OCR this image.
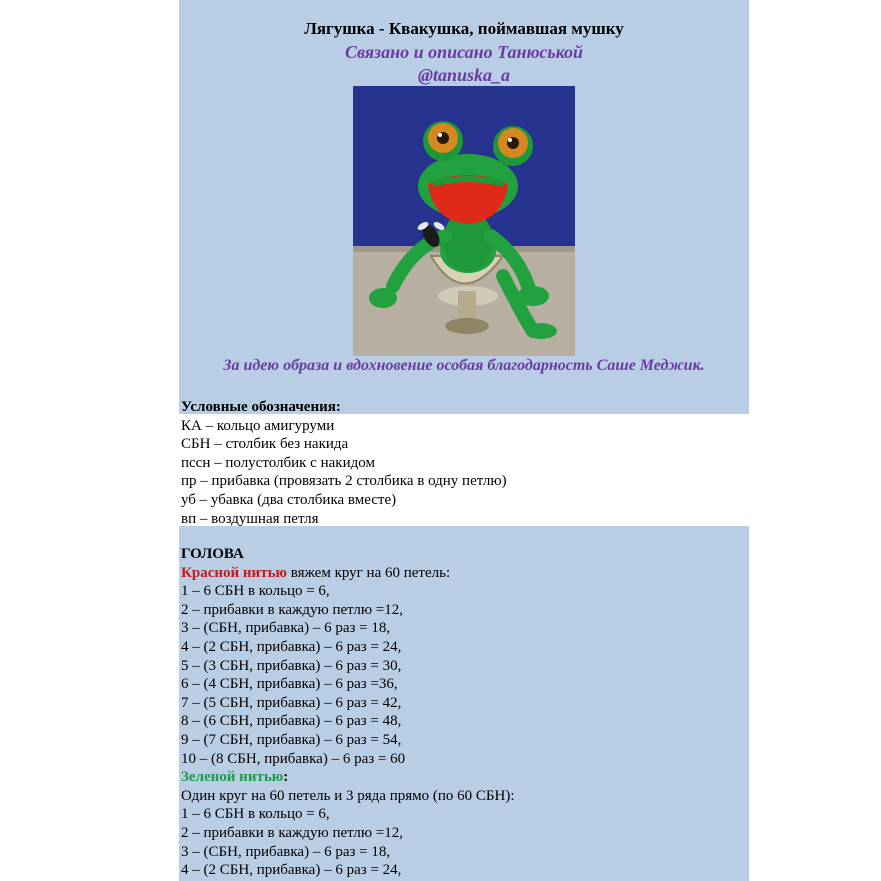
Лягушка - Квакушка, поймавшая мушку
Связано и описано Танюськой
@tanuska_a
За идею образа и вдохновение особая благодарность Саше Меджик.
Условные обозначения:
КА – кольцо амигуруми
СБН – столбик без накида
пссн – полустолбик с накидом
пр – прибавка (провязать 2 столбика в одну петлю)
уб – убавка (два столбика вместе)
вп – воздушная петля
ГОЛОВА
Красной нитью вяжем круг на 60 петель:
1 – 6 СБН в кольцо = 6,
2 – прибавки в каждую петлю =12,
3 – (СБН, прибавка) – 6 раз = 18,
4 – (2 СБН, прибавка) – 6 раз = 24,
5 – (3 СБН, прибавка) – 6 раз = 30,
6 – (4 СБН, прибавка) – 6 раз =36,
7 – (5 СБН, прибавка) – 6 раз = 42,
8 – (6 СБН, прибавка) – 6 раз = 48,
9 – (7 СБН, прибавка) – 6 раз = 54,
10 – (8 СБН, прибавка) – 6 раз = 60
Зеленой нитью:
Один круг на 60 петель и 3 ряда прямо (по 60 СБН):
1 – 6 СБН в кольцо = 6,
2 – прибавки в каждую петлю =12,
3 – (СБН, прибавка) – 6 раз = 18,
4 – (2 СБН, прибавка) – 6 раз = 24,
